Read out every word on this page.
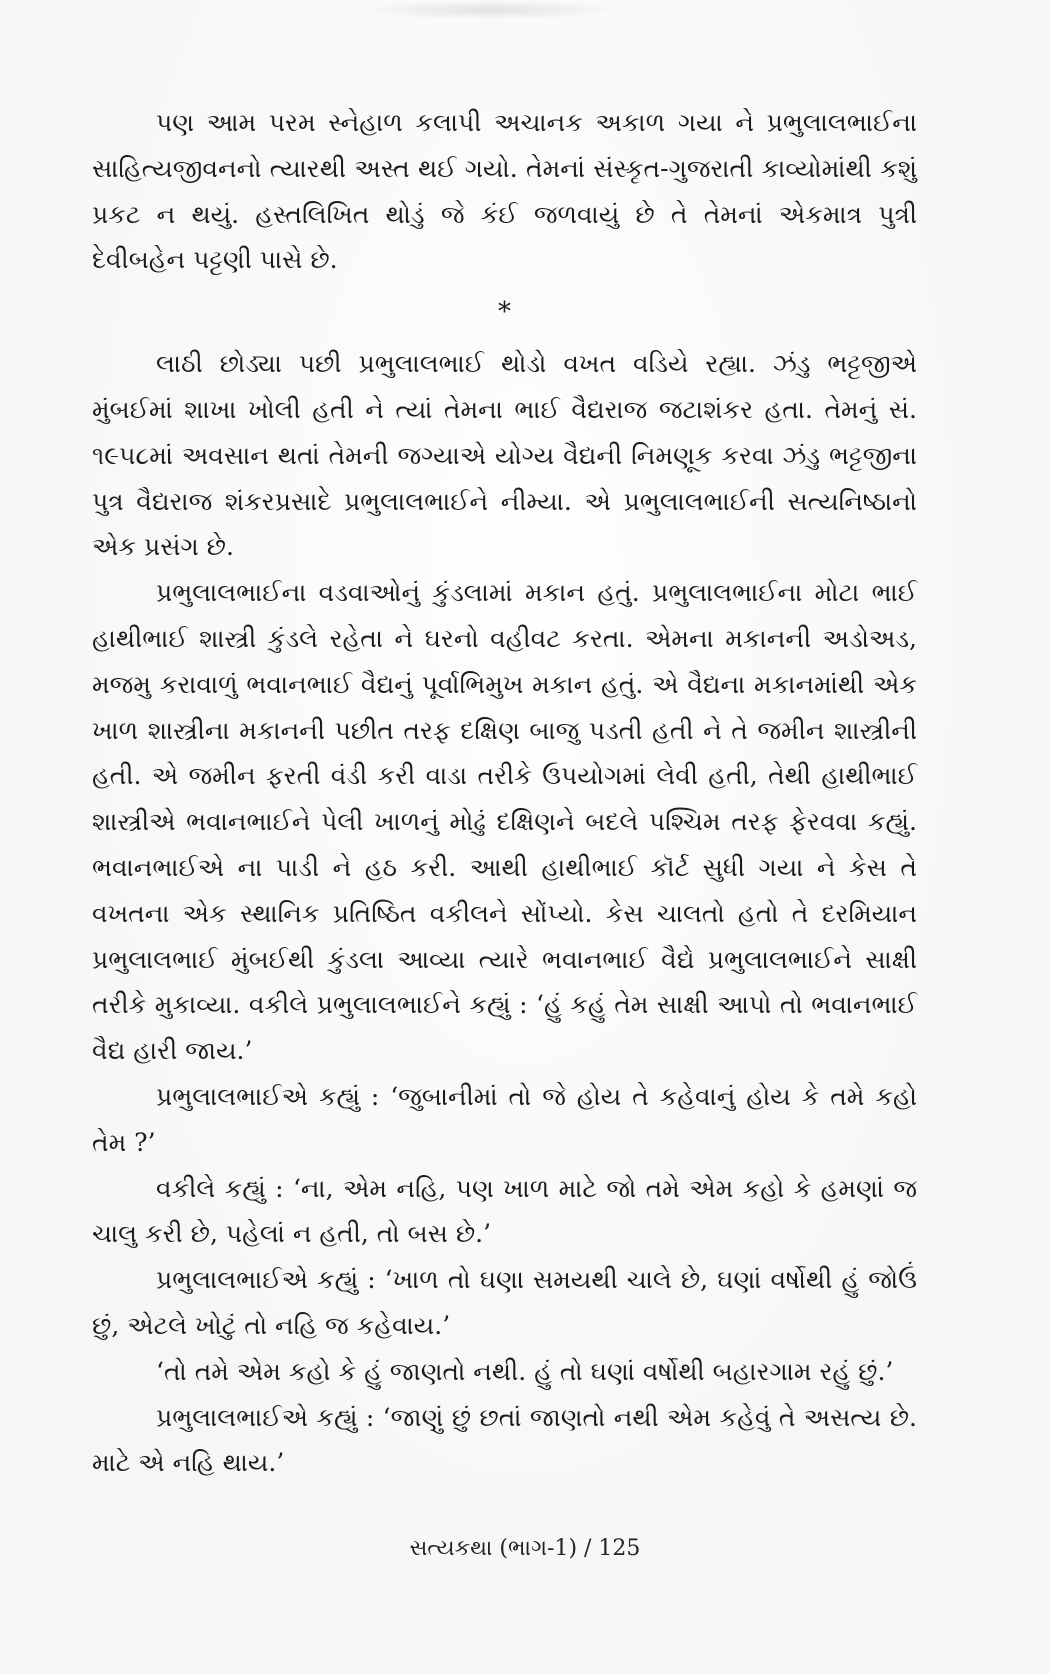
પણ આમ પરમ સ્નેહાળ કલાપી અચાનક અકાળ ગયા ને પ્રભુલાલભાઈના સાહિત્યજીવનનો ત્યારથી અસ્ત થઈ ગયો. તેમનાં સંસ્કૃત-ગુજરાતી કાવ્યોમાંથી કશું પ્રકટ ન થયું. હસ્તલિખિત થોડું જે કંઈ જળવાયું છે તે તેમનાં એકમાત્ર પુત્રી દેવીબહેન પટ્ટણી પાસે છે.

*

લાઠી છોડ્યા પછી પ્રભુલાલભાઈ થોડો વખત વડિયે રહ્યા. ઝંડુ ભટ્ટજીએ મુંબઈમાં શાખા ખોલી હતી ને ત્યાં તેમના ભાઈ વૈદ્યરાજ જટાશંકર હતા. તેમનું સં. ૧૯૫૮માં અવસાન થતાં તેમની જગ્યાએ યોગ્ય વૈદ્યની નિમણૂક કરવા ઝંડુ ભટ્ટજીના પુત્ર વૈદ્યરાજ શંકરપ્રસાદે પ્રભુલાલભાઈને નીમ્યા. એ પ્રભુલાલભાઈની સત્યનિષ્ઠાનો એક પ્રસંગ છે.

પ્રભુલાલભાઈના વડવાઓનું કુંડલામાં મકાન હતું. પ્રભુલાલભાઈના મોટા ભાઈ હાથીભાઈ શાસ્ત્રી કુંડલે રહેતા ને ઘરનો વહીવટ કરતા. એમના મકાનની અડોઅડ, મજમુ કરાવાળું ભવાનભાઈ વૈદ્યનું પૂર્વાભિમુખ મકાન હતું. એ વૈદ્યના મકાનમાંથી એક ખાળ શાસ્ત્રીના મકાનની પછીત તરફ દક્ષિણ બાજુ પડતી હતી ને તે જમીન શાસ્ત્રીની હતી. એ જમીન ફરતી વંડી કરી વાડા તરીકે ઉપયોગમાં લેવી હતી, તેથી હાથીભાઈ શાસ્ત્રીએ ભવાનભાઈને પેલી ખાળનું મોઢું દક્ષિણને બદલે પશ્ચિમ તરફ ફેરવવા કહ્યું. ભવાનભાઈએ ના પાડી ને હઠ કરી. આથી હાથીભાઈ કૉર્ટ સુધી ગયા ને કેસ તે વખતના એક સ્થાનિક પ્રતિષ્ઠિત વકીલને સોંપ્યો. કેસ ચાલતો હતો તે દરમિયાન પ્રભુલાલભાઈ મુંબઈથી કુંડલા આવ્યા ત્યારે ભવાનભાઈ વૈદ્યે પ્રભુલાલભાઈને સાક્ષી તરીકે મુકાવ્યા. વકીલે પ્રભુલાલભાઈને કહ્યું : ‘હું કહું તેમ સાક્ષી આપો તો ભવાનભાઈ વૈદ્ય હારી જાય.’

પ્રભુલાલભાઈએ કહ્યું : ‘જુબાનીમાં તો જે હોય તે કહેવાનું હોય કે તમે કહો તેમ ?’

વકીલે કહ્યું : ‘ના, એમ નહિ, પણ ખાળ માટે જો તમે એમ કહો કે હમણાં જ ચાલુ કરી છે, પહેલાં ન હતી, તો બસ છે.’

પ્રભુલાલભાઈએ કહ્યું : ‘ખાળ તો ઘણા સમયથી ચાલે છે, ઘણાં વર્ષોથી હું જોઉં છું, એટલે ખોટું તો નહિ જ કહેવાય.’

‘તો તમે એમ કહો કે હું જાણતો નથી. હું તો ઘણાં વર્ષોથી બહારગામ રહું છું.’

પ્રભુલાલભાઈએ કહ્યું : ‘જાણું છું છતાં જાણતો નથી એમ કહેવું તે અસત્ય છે. માટે એ નહિ થાય.’

સત્યકથા (ભાગ-1) / 125
